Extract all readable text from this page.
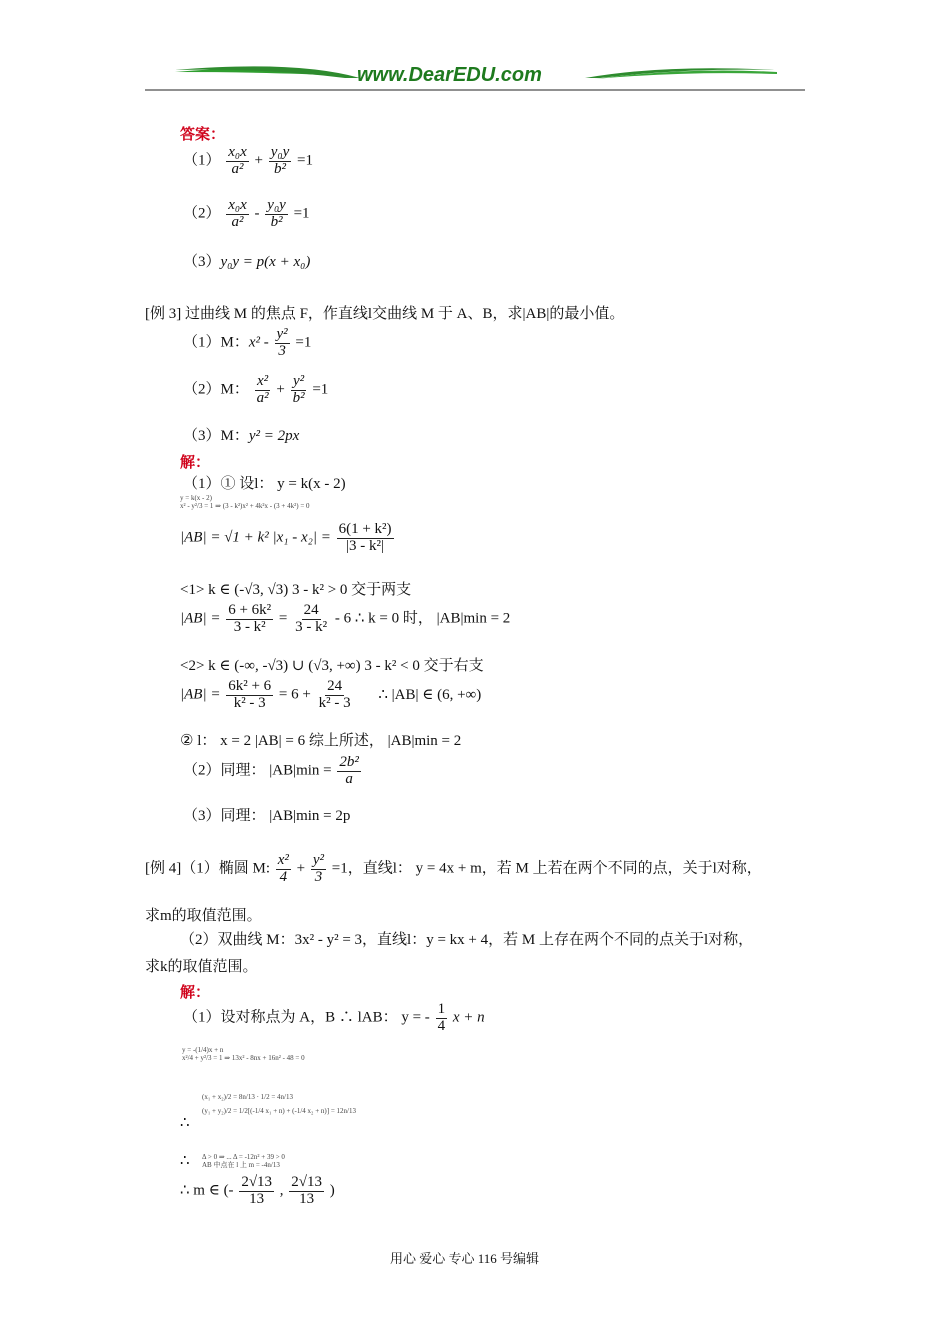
www.DearEDU.com
答案：
$(1) \frac{\text{x₀x}}{\text{a²}} + \frac{\text{y₀y}}{\text{b²}} =1$
$(2) \frac{\text{x₀x}}{\text{a²}} - \frac{\text{y₀y}}{\text{b²}} =1$
（3）y₀y = p(x + x₀)
[例 3] 过曲线 M 的焦点 F，作直线l交曲线 M 于 A、B，求|AB|的最小值。
（1）M：$x^2 - \frac{\text{y²}}{3} =1$
（2）M： $\frac{\text{x²}}{\text{a²}} + \frac{\text{y²}}{\text{b²}} =1$
（3）M：y² = 2px
解：
（1）① 设l： y = k(x - 2)
y = k(x - 2)
x² - y²/3 = 1 ⇒ (3 - k²)x² + 4k²x - (3 + 4k²) = 0
|AB| = √1 + k² $|x_1 - x_2| = \frac{\text{6(1 + k²)}}{\text{|3 - k²|}}$
<1> k ∈ (-√3, √3) 3 - k² > 0 交于两支
$|AB| = \frac{\text{6 + 6k²}}{\text{3 - k²}} = \frac{24}{\text{3 - k²}} - 6$ ∴ k = 0 时， |AB|min = 2
<2> k ∈ (-∞, -√3) ∪ (√3, +∞) 3 - k² < 0 交于右支
$|AB| = \frac{\text{6k² + 6}}{\text{k² - 3}} = 6 + \frac{24}{\text{k² - 3}}$ ∴ |AB| ∈ (6, +∞)
② l： x = 2 |AB| = 6 综上所述， |AB|min = 2
（2）同理： $|AB|\min = \frac{\text{2b²}}{a}$
（3）同理： |AB|min = 2p
[例 4]（1）椭圆 M: $\frac{\text{x²}}{4} + \frac{\text{y²}}{3} =1$，直线l： y = 4x + m，若 M 上若在两个不同的点，关于l对称，
求m的取值范围。
（2）双曲线 M：3x² - y² = 3，直线l：y = kx + 4，若 M 上存在两个不同的点关于l对称，
求k的取值范围。
解：
（1）设对称点为 A，B ∴ lAB： y = - $\frac{1}{4}$ x + n
y = -(1/4)x + n
x²/4 + y²/3 = 1 ⇒ 13x² - 8nx + 16n² - 48 = 0
∴
(x₁ + x₂)/2 = 8n/13 · 1/2 = 4n/13
(y₁ + y₂)/2 = 1/2[(-1/4 x₁ + n) + (-1/4 x₂ + n)] = 12n/13
∴ Δ > 0 ⇒ ... Δ = -12n² + 39 > 0
AB 中点在 l 上 m = -4n/13
∴ m ∈ (- $\frac{2√13}{13}$ , $\frac{2√13}{13}$ )
用心 爱心 专心 116 号编辑
